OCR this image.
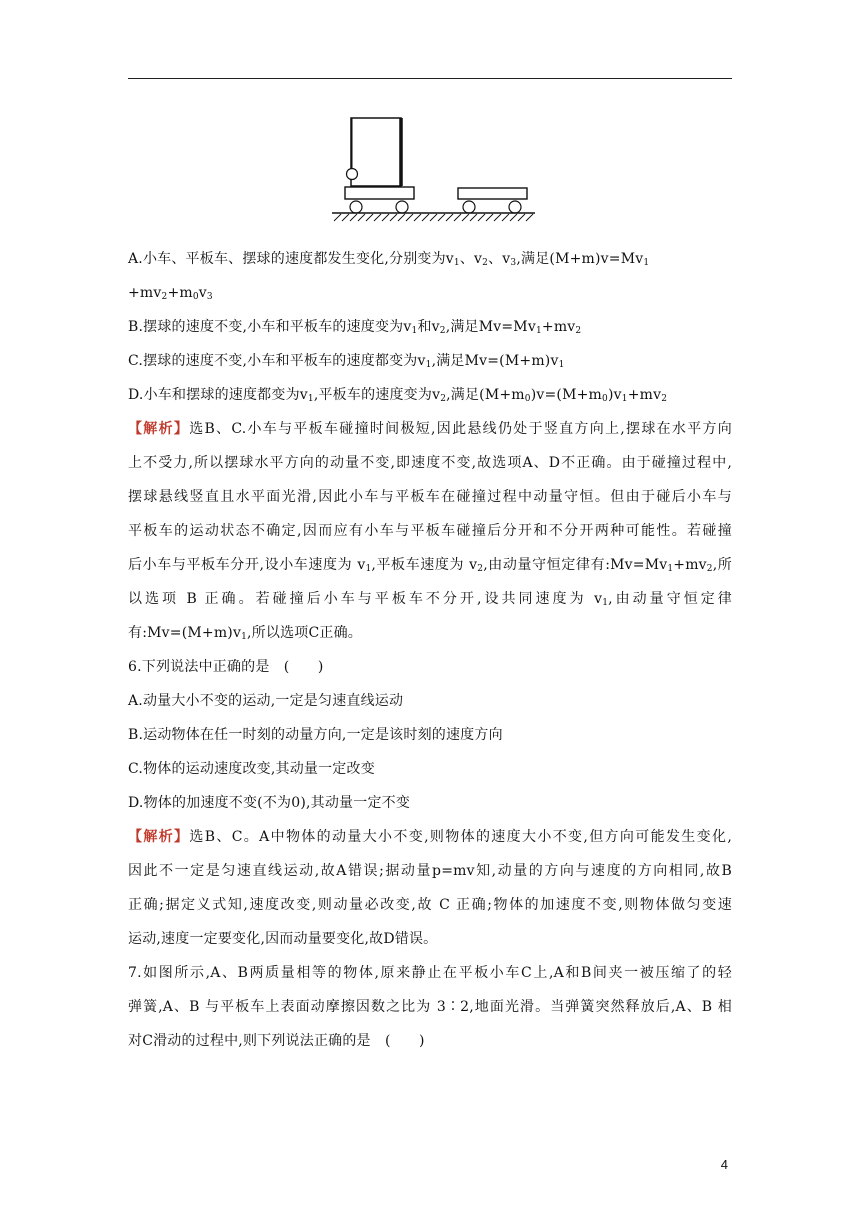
A.小车、平板车、摆球的速度都发生变化,分别变为$v_1$、$v_2$、$v_3$,满足$(M+m)v=Mv_1$
$+mv_2+m_0v_3$
B.摆球的速度不变,小车和平板车的速度变为$v_1$和$v_2$,满足$Mv=Mv_1+mv_2$
C.摆球的速度不变,小车和平板车的速度都变为$v_1$,满足$Mv=(M+m)v_1$
D.小车和摆球的速度都变为$v_1$,平板车的速度变为$v_2$,满足$(M+m_0)v=(M+m_0)v_1+mv_2$
【解析】选B、C.小车与平板车碰撞时间极短,因此悬线仍处于竖直方向上,摆球在水平方向
上不受力,所以摆球水平方向的动量不变,即速度不变,故选项A、D不正确。由于碰撞过程中,
摆球悬线竖直且水平面光滑,因此小车与平板车在碰撞过程中动量守恒。但由于碰后小车与
平板车的运动状态不确定,因而应有小车与平板车碰撞后分开和不分开两种可能性。若碰撞
后小车与平板车分开,设小车速度为 $v_1$,平板车速度为 $v_2$,由动量守恒定律有$:Mv=Mv_1+mv_2$,所
以选项 B 正确。若碰撞后小车与平板车不分开,设共同速度为 $v_1$,由动量守恒定律
有$:Mv=(M+m)v_1$,所以选项C正确。
6.下列说法中正确的是　(　　)
A.动量大小不变的运动,一定是匀速直线运动
B.运动物体在任一时刻的动量方向,一定是该时刻的速度方向
C.物体的运动速度改变,其动量一定改变
D.物体的加速度不变(不为0),其动量一定不变
【解析】选B、C。A中物体的动量大小不变,则物体的速度大小不变,但方向可能发生变化,
因此不一定是匀速直线运动,故A错误;据动量p=mv知,动量的方向与速度的方向相同,故B
正确;据定义式知,速度改变,则动量必改变,故 C 正确;物体的加速度不变,则物体做匀变速
运动,速度一定要变化,因而动量要变化,故D错误。
7.如图所示,A、B两质量相等的物体,原来静止在平板小车C上,A和B间夹一被压缩了的轻
弹簧,A、B 与平板车上表面动摩擦因数之比为 3∶2,地面光滑。当弹簧突然释放后,A、B 相
对C滑动的过程中,则下列说法正确的是　(　　)
4
